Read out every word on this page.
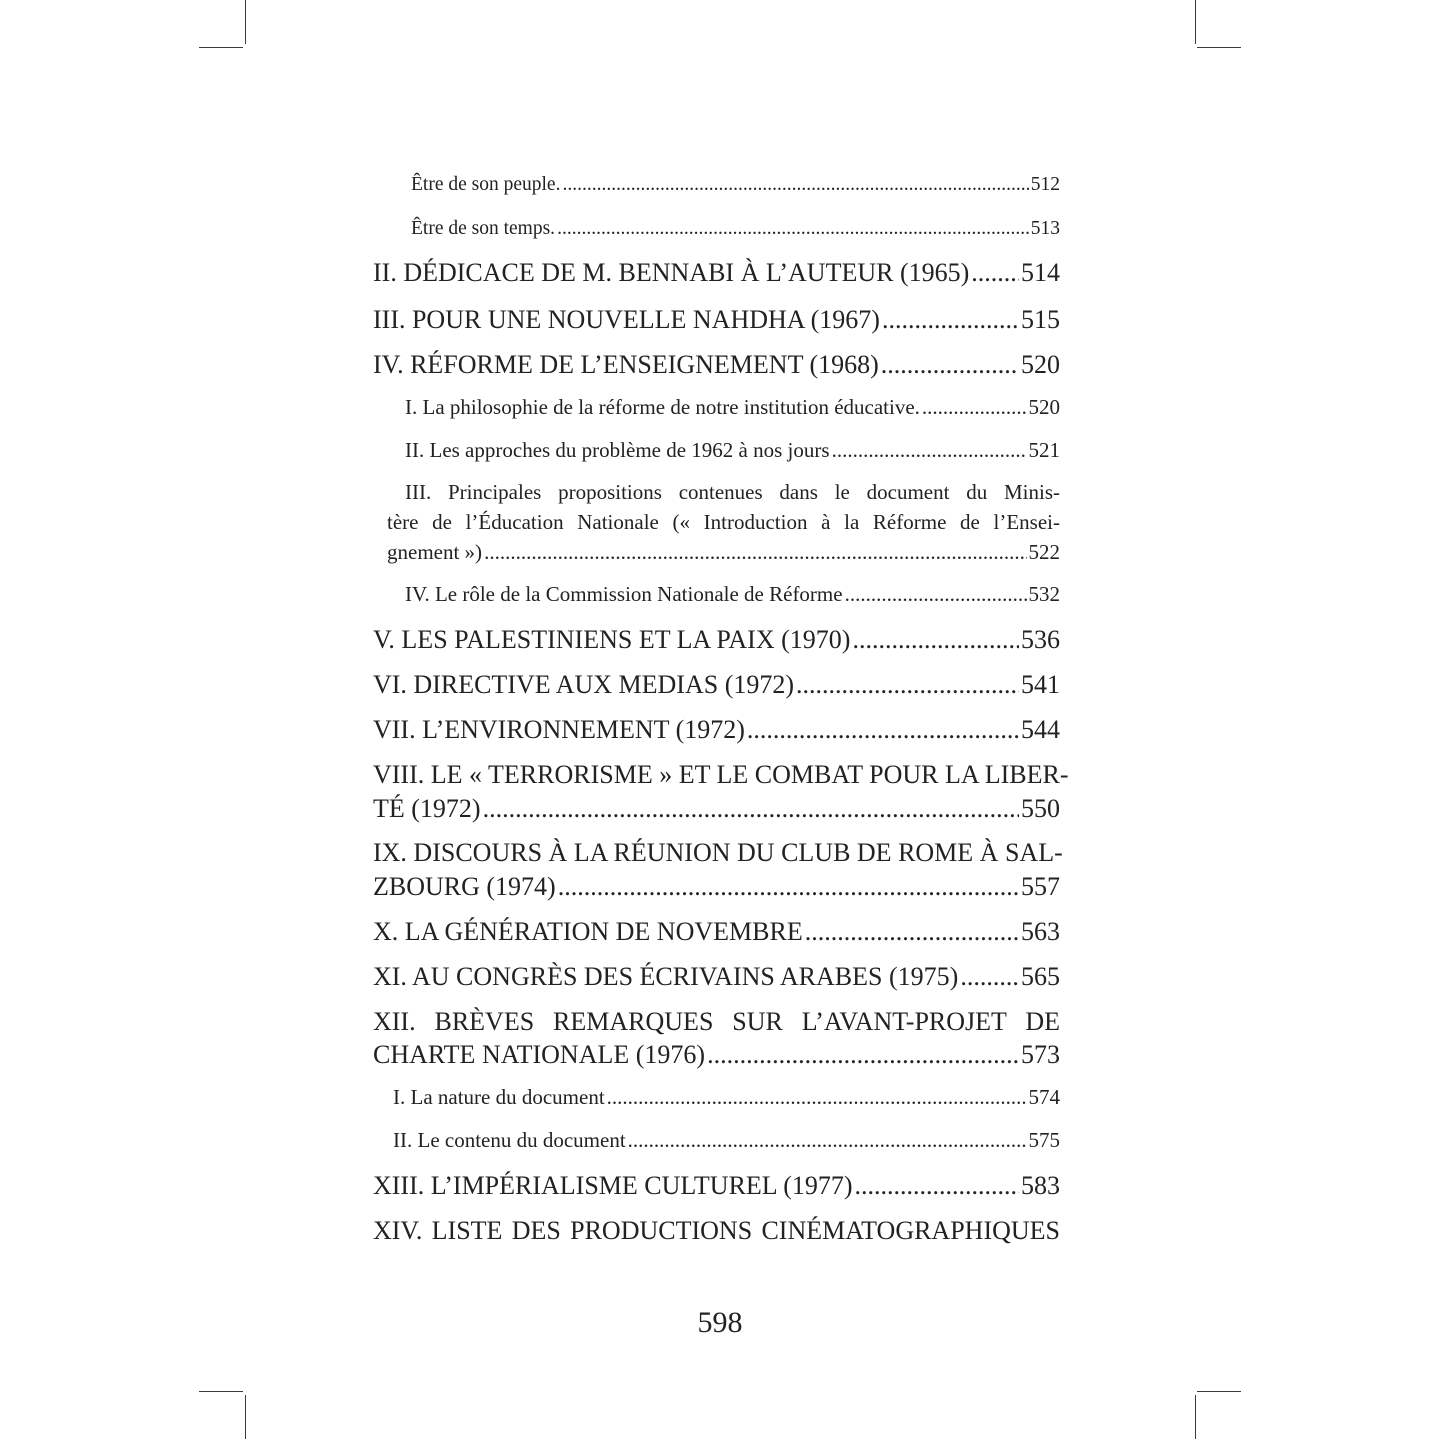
Être de son peuple. .....	512
Être de son temps. .....	513
II. DÉDICACE DE M. BENNABI À L’AUTEUR (1965) ..... 514
III. POUR UNE NOUVELLE NAHDHA (1967) .....	515
IV. RÉFORME DE L’ENSEIGNEMENT (1968) .....	520
I. La philosophie de la réforme de notre institution éducative. .....	520
II. Les approches du problème de 1962 à nos jours .....	521
III. Principales propositions contenues dans le document du Minis-
tère de l’Éducation Nationale (« Introduction à la Réforme de l’Ensei-
gnement ») .....	522
IV. Le rôle de la Commission Nationale de Réforme .....	532
V. LES PALESTINIENS ET LA PAIX (1970) .....	536
VI. DIRECTIVE AUX MEDIAS (1972) .....	541
VII. L’ENVIRONNEMENT (1972) .....	544
VIII. LE « TERRORISME » ET LE COMBAT POUR LA LIBER-
TÉ (1972) .....	550
IX. DISCOURS À LA RÉUNION DU CLUB DE ROME À SAL-
ZBOURG (1974) .....	557
X. LA GÉNÉRATION DE NOVEMBRE .....	563
XI. AU CONGRÈS DES ÉCRIVAINS ARABES (1975) ..... 565
XII. BRÈVES REMARQUES SUR L’AVANT-PROJET DE
CHARTE NATIONALE (1976) .....	573
I. La nature du document .....	574
II. Le contenu du document .....	575
XIII. L’IMPÉRIALISME CULTUREL (1977) .....	583
XIV. LISTE DES PRODUCTIONS CINÉMATOGRAPHIQUES
598
